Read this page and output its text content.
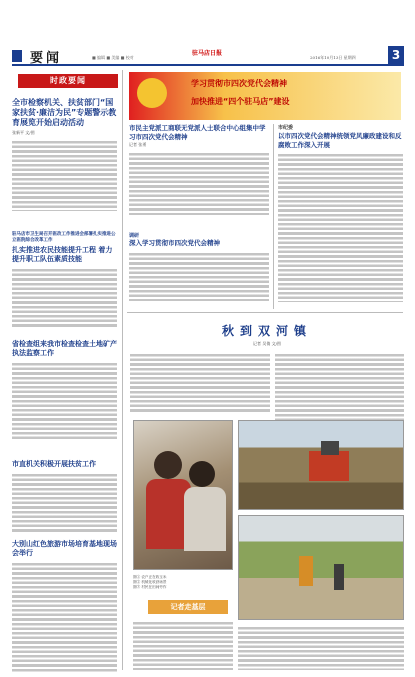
要闻	■ 编辑 ■ 美编 ■ 校对
驻马店日报
2016年10月13日 星期四	3
时政要闻
全市检察机关、扶贫部门“国家扶贫·廉洁为民”专题警示教育展览开始启动活动
张新平 文/图
驻马店市卫生局召开医改工作推进会部署扎实推进公立医院综合改革工作
扎实推进农民技能提升工程 着力提升职工队伍素质技能
省检查组来我市检查检查土地矿产执法监察工作
市直机关积极开展扶贫工作
大别山红色旅游市场培育基地现场会举行
学习贯彻市四次党代会精神
加快推进“四个驻马店”建设
市民主党派工商联无党派人士联合中心组集中学习市四次党代会精神
记者 张勇
调研
深入学习贯彻市四次党代会精神
市纪委
以市四次党代会精神统领党风廉政建设和反腐败工作深入开展
秋到双河镇
记者 吴倩 文/图
图① 农户正在收玉米
图② 机械化收获场景
图③ 村民在田间劳作
记者走基层
